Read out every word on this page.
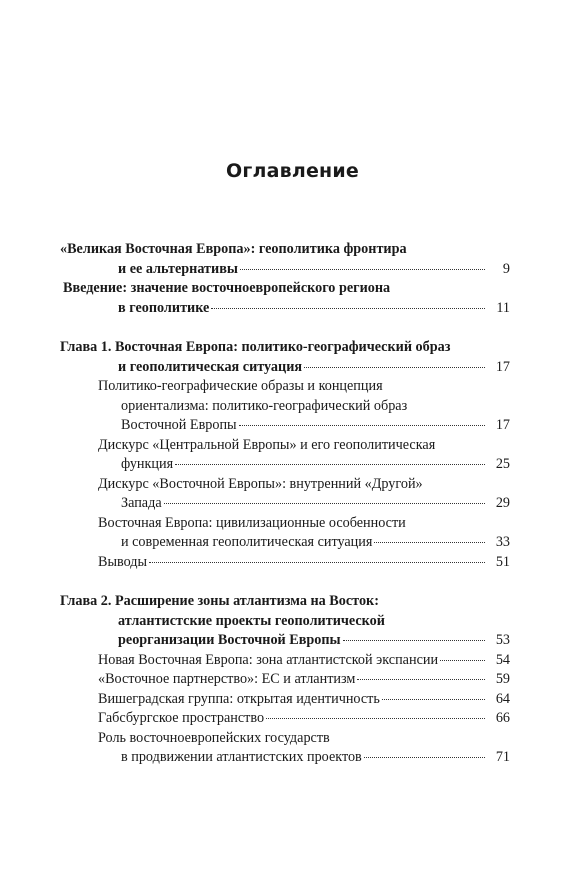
Оглавление
«Великая Восточная Европа»: геополитика фронтира
и ее альтернативы	9
Введение: значение восточноевропейского региона
в геополитике	11
Глава 1. Восточная Европа: политико-географический образ
и геополитическая ситуация	17
Политико-географические образы и концепция
ориентализма: политико-географический образ
Восточной Европы	17
Дискурс «Центральной Европы» и его геополитическая
функция	25
Дискурс «Восточной Европы»: внутренний «Другой»
Запада	29
Восточная Европа: цивилизационные особенности
и современная геополитическая ситуация	33
Выводы	51
Глава 2. Расширение зоны атлантизма на Восток:
атлантистские проекты геополитической
реорганизации Восточной Европы	53
Новая Восточная Европа: зона атлантистской экспансии	54
«Восточное партнерство»: ЕС и атлантизм	59
Вишеградская группа: открытая идентичность	64
Габсбургское пространство	66
Роль восточноевропейских государств
в продвижении атлантистских проектов	71
